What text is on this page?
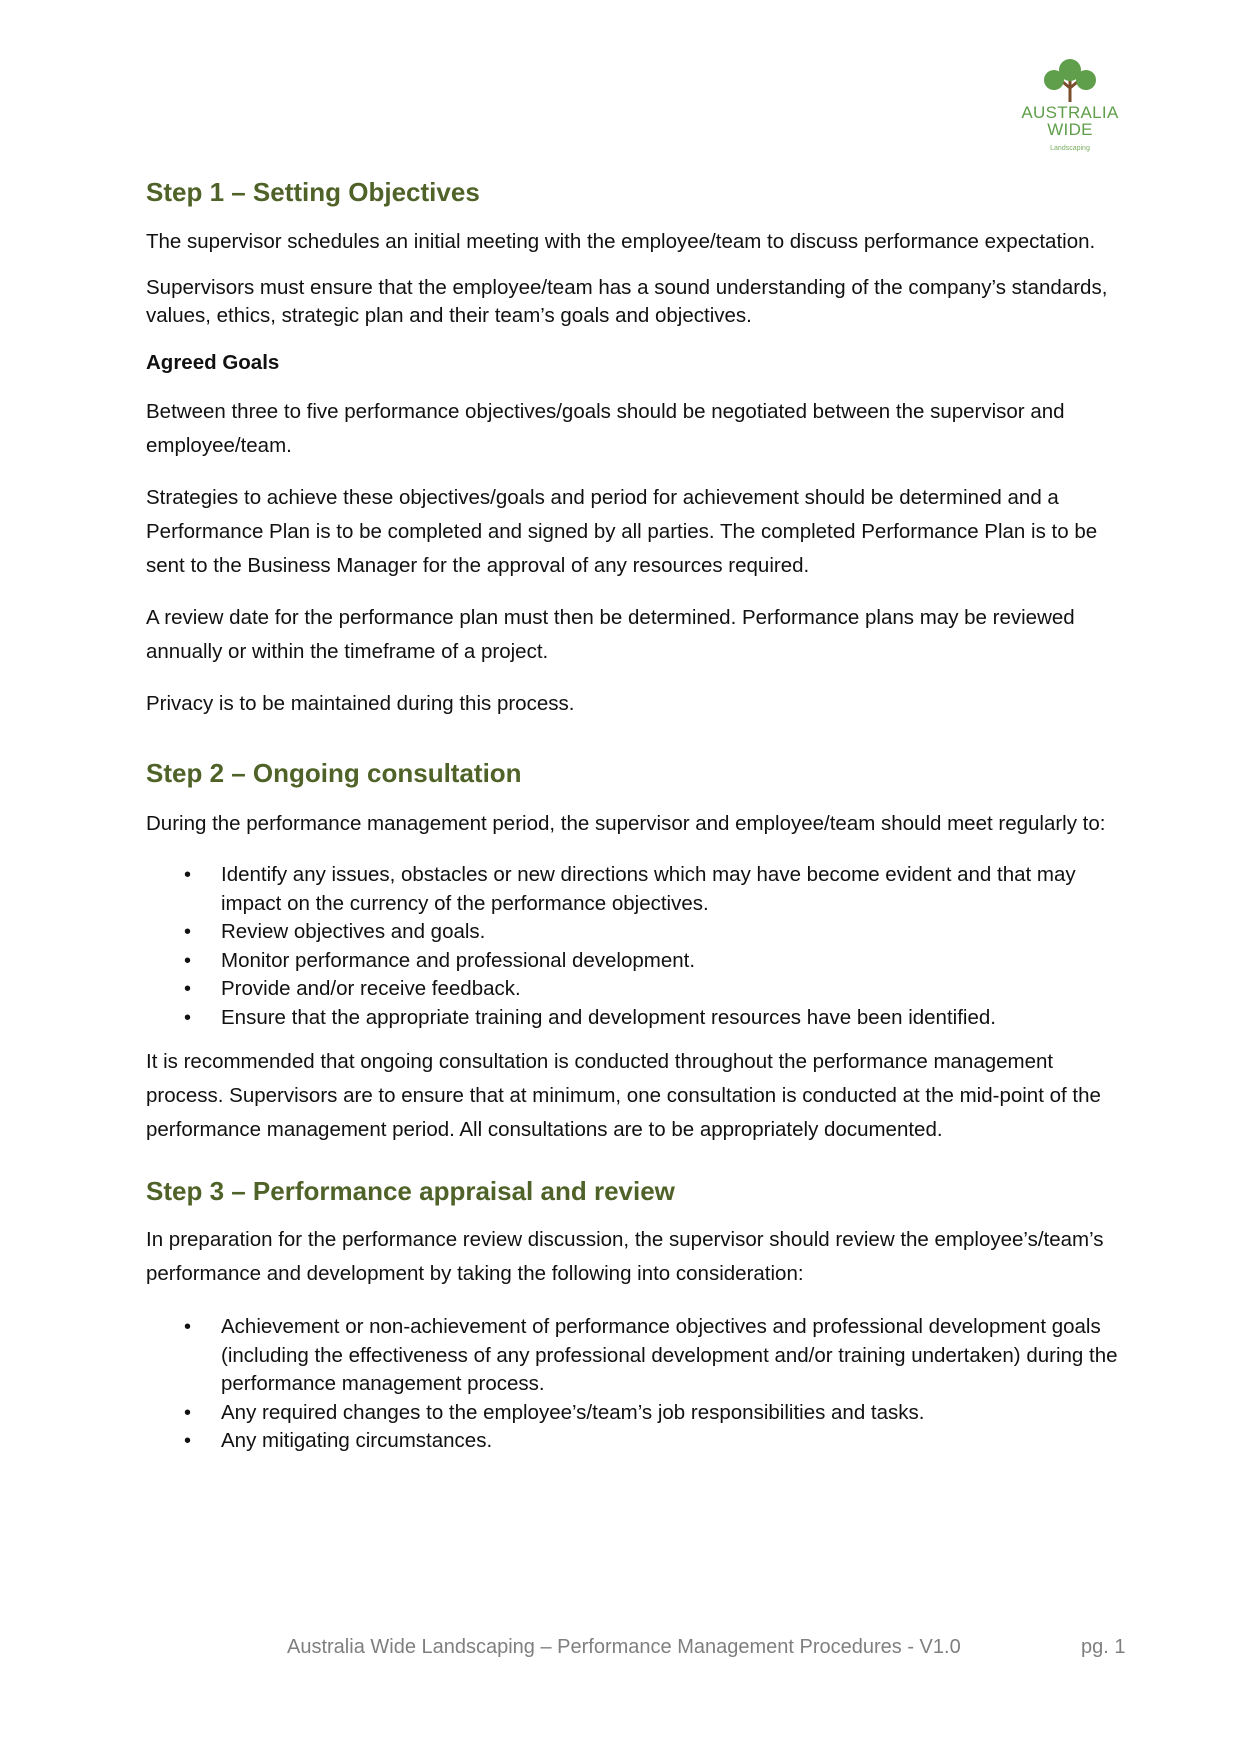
AUSTRALIA
WIDE
Landscaping
Step 1 – Setting Objectives

The supervisor schedules an initial meeting with the employee/team to discuss performance expectation.

Supervisors must ensure that the employee/team has a sound understanding of the company’s standards, values, ethics, strategic plan and their team’s goals and objectives.

Agreed Goals

Between three to five performance objectives/goals should be negotiated between the supervisor and employee/team.

Strategies to achieve these objectives/goals and period for achievement should be determined and a Performance Plan is to be completed and signed by all parties. The completed Performance Plan is to be sent to the Business Manager for the approval of any resources required.

A review date for the performance plan must then be determined. Performance plans may be reviewed annually or within the timeframe of a project.

Privacy is to be maintained during this process.

Step 2 – Ongoing consultation

During the performance management period, the supervisor and employee/team should meet regularly to:

• Identify any issues, obstacles or new directions which may have become evident and that may impact on the currency of the performance objectives.
• Review objectives and goals.
• Monitor performance and professional development.
• Provide and/or receive feedback.
• Ensure that the appropriate training and development resources have been identified.

It is recommended that ongoing consultation is conducted throughout the performance management process. Supervisors are to ensure that at minimum, one consultation is conducted at the mid-point of the performance management period. All consultations are to be appropriately documented.

Step 3 – Performance appraisal and review

In preparation for the performance review discussion, the supervisor should review the employee’s/team’s performance and development by taking the following into consideration:

• Achievement or non-achievement of performance objectives and professional development goals (including the effectiveness of any professional development and/or training undertaken) during the performance management process.
• Any required changes to the employee’s/team’s job responsibilities and tasks.
• Any mitigating circumstances.
Australia Wide Landscaping – Performance Management Procedures - V1.0	pg. 1
